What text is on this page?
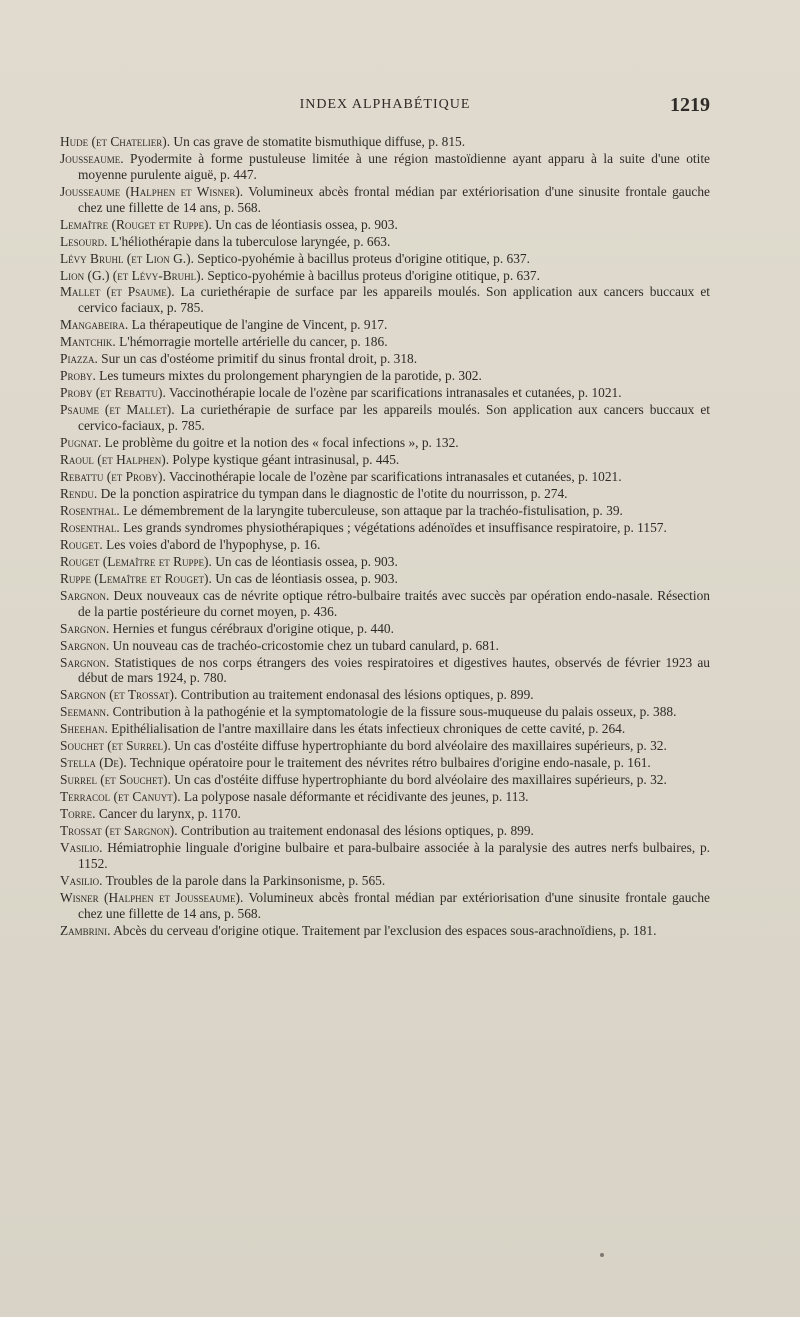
INDEX ALPHABÉTIQUE	1219

Hude (et Chatelier). Un cas grave de stomatite bismuthique diffuse, p. 815.

Jousseaume. Pyodermite à forme pustuleuse limitée à une région mastoïdienne ayant apparu à la suite d'une otite moyenne purulente aiguë, p. 447.

Jousseaume (Halphen et Wisner). Volumineux abcès frontal médian par extériorisation d'une sinusite frontale gauche chez une fillette de 14 ans, p. 568.

Lemaître (Rouget et Ruppe). Un cas de léontiasis ossea, p. 903.

Lesourd. L'héliothérapie dans la tuberculose laryngée, p. 663.

Lévy Bruhl (et Lion G.). Septico-pyohémie à bacillus proteus d'origine otitique, p. 637.

Lion (G.) (et Lévy-Bruhl). Septico-pyohémie à bacillus proteus d'origine otitique, p. 637.

Mallet (et Psaume). La curiethérapie de surface par les appareils moulés. Son application aux cancers buccaux et cervico faciaux, p. 785.

Mangabeira. La thérapeutique de l'angine de Vincent, p. 917.

Mantchik. L'hémorragie mortelle artérielle du cancer, p. 186.

Piazza. Sur un cas d'ostéome primitif du sinus frontal droit, p. 318.

Proby. Les tumeurs mixtes du prolongement pharyngien de la parotide, p. 302.

Proby (et Rebattu). Vaccinothérapie locale de l'ozène par scarifications intranasales et cutanées, p. 1021.

Psaume (et Mallet). La curiethérapie de surface par les appareils moulés. Son application aux cancers buccaux et cervico-faciaux, p. 785.

Pugnat. Le problème du goitre et la notion des « focal infections », p. 132.

Raoul (et Halphen). Polype kystique géant intrasinusal, p. 445.

Rebattu (et Proby). Vaccinothérapie locale de l'ozène par scarifications intranasales et cutanées, p. 1021.

Rendu. De la ponction aspiratrice du tympan dans le diagnostic de l'otite du nourrisson, p. 274.

Rosenthal. Le démembrement de la laryngite tuberculeuse, son attaque par la trachéo-fistulisation, p. 39.

Rosenthal. Les grands syndromes physiothérapiques ; végétations adénoïdes et insuffisance respiratoire, p. 1157.

Rouget. Les voies d'abord de l'hypophyse, p. 16.

Rouget (Lemaître et Ruppe). Un cas de léontiasis ossea, p. 903.

Ruppe (Lemaître et Rouget). Un cas de léontiasis ossea, p. 903.

Sargnon. Deux nouveaux cas de névrite optique rétro-bulbaire traités avec succès par opération endo-nasale. Résection de la partie postérieure du cornet moyen, p. 436.

Sargnon. Hernies et fungus cérébraux d'origine otique, p. 440.

Sargnon. Un nouveau cas de trachéo-cricostomie chez un tubard canulard, p. 681.

Sargnon. Statistiques de nos corps étrangers des voies respiratoires et digestives hautes, observés de février 1923 au début de mars 1924, p. 780.

Sargnon (et Trossat). Contribution au traitement endonasal des lésions optiques, p. 899.

Seemann. Contribution à la pathogénie et la symptomatologie de la fissure sous-muqueuse du palais osseux, p. 388.

Sheehan. Epithélialisation de l'antre maxillaire dans les états infectieux chroniques de cette cavité, p. 264.

Souchet (et Surrel). Un cas d'ostéite diffuse hypertrophiante du bord alvéolaire des maxillaires supérieurs, p. 32.

Stella (De). Technique opératoire pour le traitement des névrites rétro bulbaires d'origine endo-nasale, p. 161.

Surrel (et Souchet). Un cas d'ostéite diffuse hypertrophiante du bord alvéolaire des maxillaires supérieurs, p. 32.

Terracol (et Canuyt). La polypose nasale déformante et récidivante des jeunes, p. 113.

Torre. Cancer du larynx, p. 1170.

Trossat (et Sargnon). Contribution au traitement endonasal des lésions optiques, p. 899.

Vasilio. Hémiatrophie linguale d'origine bulbaire et para-bulbaire associée à la paralysie des autres nerfs bulbaires, p. 1152.

Vasilio. Troubles de la parole dans la Parkinsonisme, p. 565.

Wisner (Halphen et Jousseaume). Volumineux abcès frontal médian par extériorisation d'une sinusite frontale gauche chez une fillette de 14 ans, p. 568.

Zambrini. Abcès du cerveau d'origine otique. Traitement par l'exclusion des espaces sous-arachnoïdiens, p. 181.
